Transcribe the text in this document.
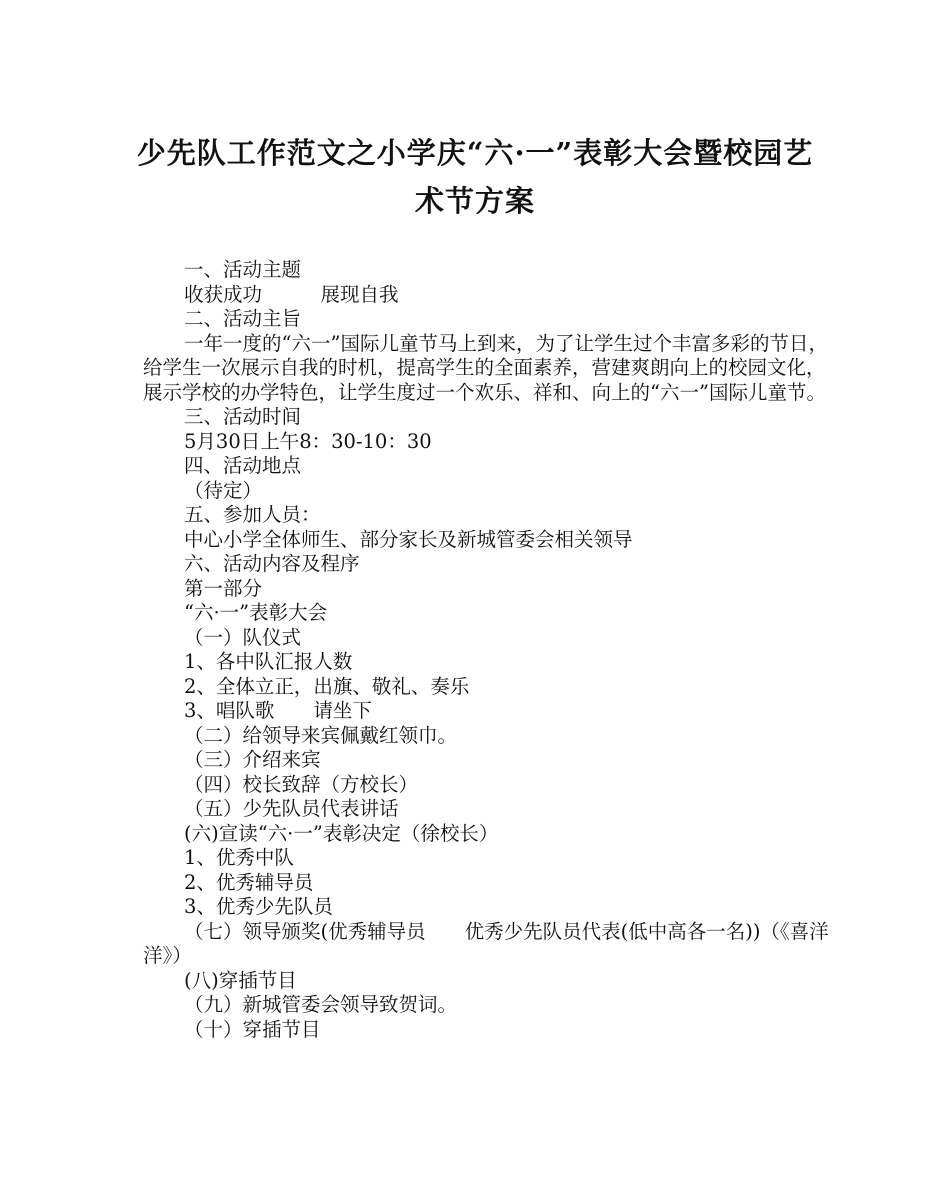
少先队工作范文之小学庆“六·一”表彰大会暨校园艺
术节方案

一、活动主题

收获成功　　　展现自我

二、活动主旨

一年一度的“六一”国际儿童节马上到来，为了让学生过个丰富多彩的节日，给学生一次展示自我的时机，提高学生的全面素养，营建爽朗向上的校园文化，展示学校的办学特色，让学生度过一个欢乐、祥和、向上的“六一”国际儿童节。

三、活动时间

5月30日上午8：30-10：30

四、活动地点

（待定）

五、参加人员：

中心小学全体师生、部分家长及新城管委会相关领导

六、活动内容及程序

第一部分

“六·一”表彰大会

（一）队仪式

1、各中队汇报人数

2、全体立正，出旗、敬礼、奏乐

3、唱队歌　　请坐下

（二）给领导来宾佩戴红领巾。

（三）介绍来宾

（四）校长致辞（方校长）

（五）少先队员代表讲话

(六)宣读“六·一”表彰决定（徐校长）

1、优秀中队

2、优秀辅导员

3、优秀少先队员

（七）领导颁奖(优秀辅导员　　优秀少先队员代表(低中高各一名))（《喜洋洋》）

(八)穿插节目

（九）新城管委会领导致贺词。

（十）穿插节目
